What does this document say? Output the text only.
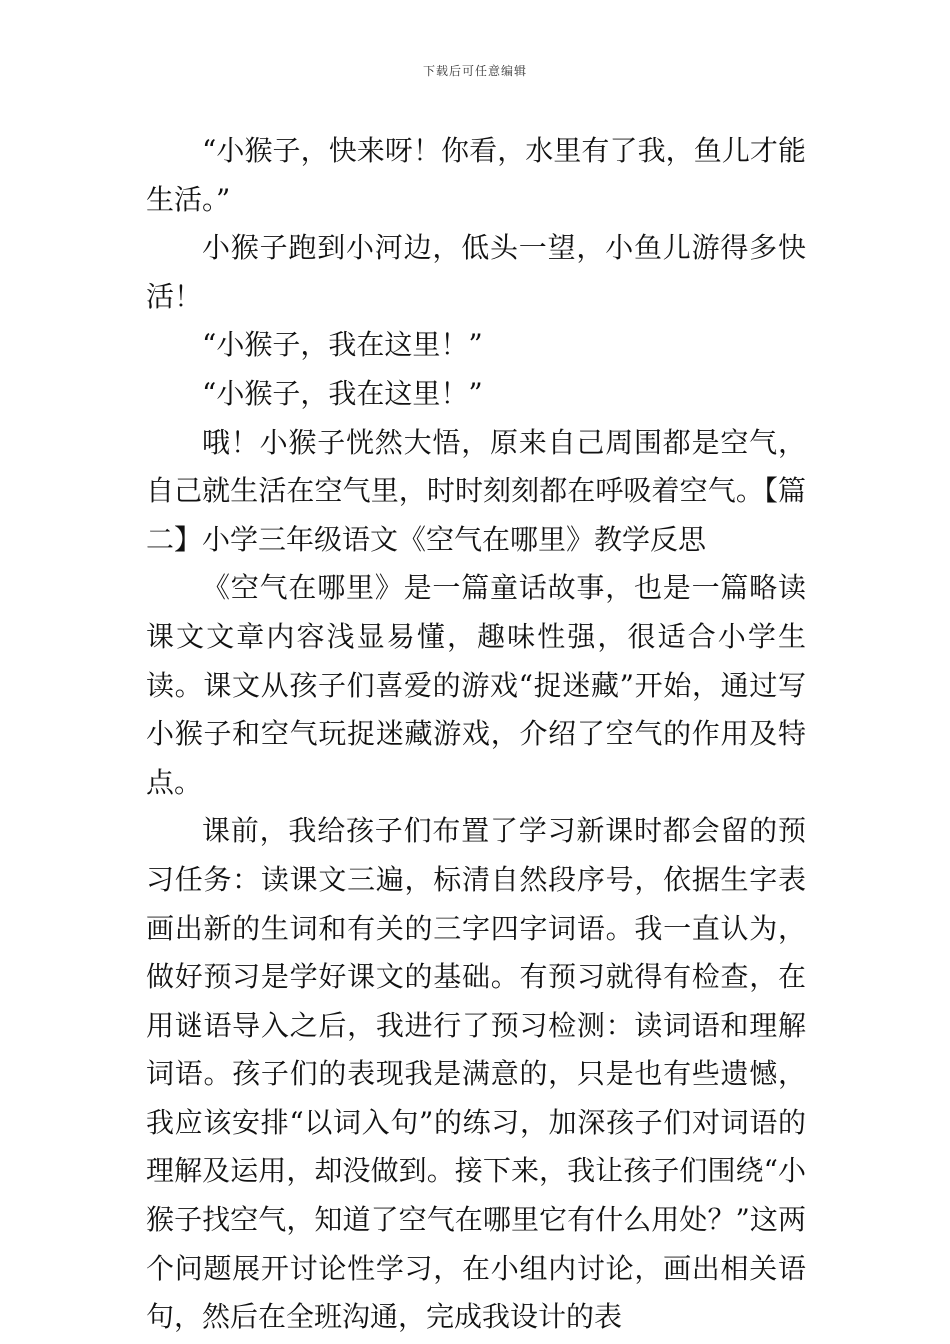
下载后可任意编辑

“小猴子，快来呀！你看，水里有了我，鱼儿才能生活。”

小猴子跑到小河边，低头一望，小鱼儿游得多快活！

“小猴子，我在这里！”

“小猴子，我在这里！”

哦！小猴子恍然大悟，原来自己周围都是空气，自己就生活在空气里，时时刻刻都在呼吸着空气。【篇二】小学三年级语文《空气在哪里》教学反思

《空气在哪里》是一篇童话故事，也是一篇略读课文文章内容浅显易懂，趣味性强，很适合小学生读。课文从孩子们喜爱的游戏“捉迷藏”开始，通过写小猴子和空气玩捉迷藏游戏，介绍了空气的作用及特点。

课前，我给孩子们布置了学习新课时都会留的预习任务：读课文三遍，标清自然段序号，依据生字表画出新的生词和有关的三字四字词语。我一直认为，做好预习是学好课文的基础。有预习就得有检查，在用谜语导入之后，我进行了预习检测：读词语和理解词语。孩子们的表现我是满意的，只是也有些遗憾，我应该安排“以词入句”的练习，加深孩子们对词语的理解及运用，却没做到。接下来，我让孩子们围绕“小猴子找空气，知道了空气在哪里它有什么用处？”这两个问题展开讨论性学习，在小组内讨论，画出相关语句，然后在全班沟通，完成我设计的表
